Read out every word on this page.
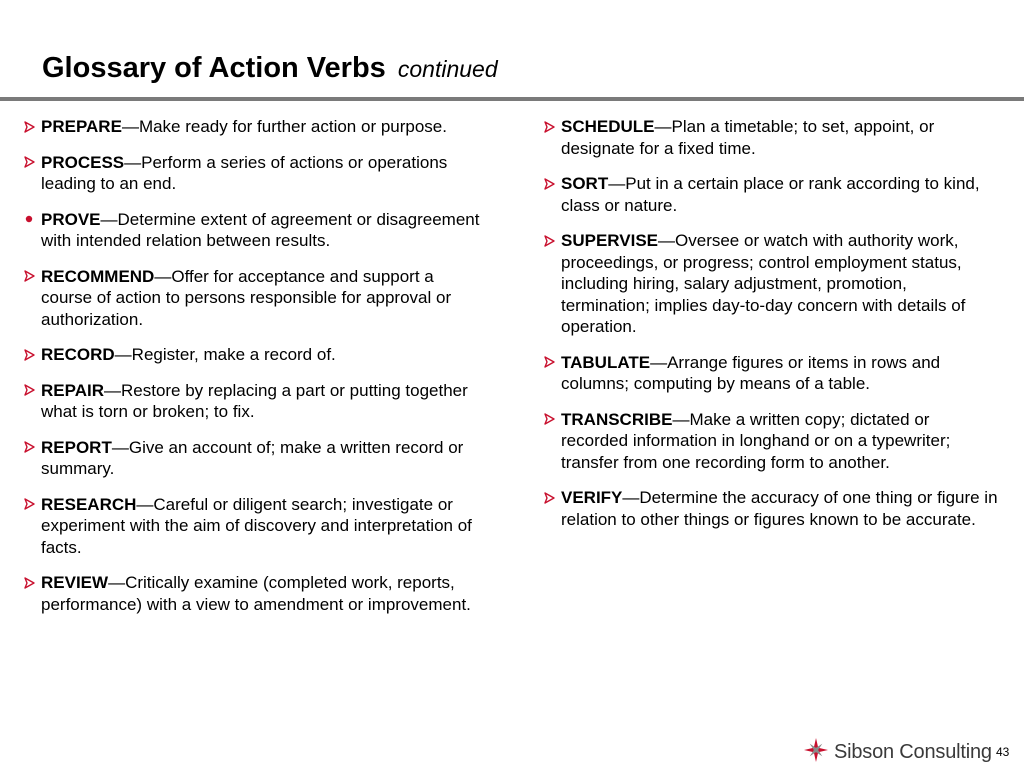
Glossary of Action Verbs continued
PREPARE—Make ready for further action or purpose.
PROCESS—Perform a series of actions or operations leading to an end.
PROVE—Determine extent of agreement or disagreement with intended relation between results.
RECOMMEND—Offer for acceptance and support a course of action to persons responsible for approval or authorization.
RECORD—Register, make a record of.
REPAIR—Restore by replacing a part or putting together what is torn or broken; to fix.
REPORT—Give an account of; make a written record or summary.
RESEARCH—Careful or diligent search; investigate or experiment with the aim of discovery and interpretation of facts.
REVIEW—Critically examine (completed work, reports, performance) with a view to amendment or improvement.
SCHEDULE—Plan a timetable; to set, appoint, or designate for a fixed time.
SORT—Put in a certain place or rank according to kind, class or nature.
SUPERVISE—Oversee or watch with authority work, proceedings, or progress; control employment status, including hiring, salary adjustment, promotion, termination; implies day-to-day concern with details of operation.
TABULATE—Arrange figures or items in rows and columns; computing by means of a table.
TRANSCRIBE—Make a written copy; dictated or recorded information in longhand or on a typewriter; transfer from one recording form to another.
VERIFY—Determine the accuracy of one thing or figure in relation to other things or figures known to be accurate.
Sibson Consulting 43
